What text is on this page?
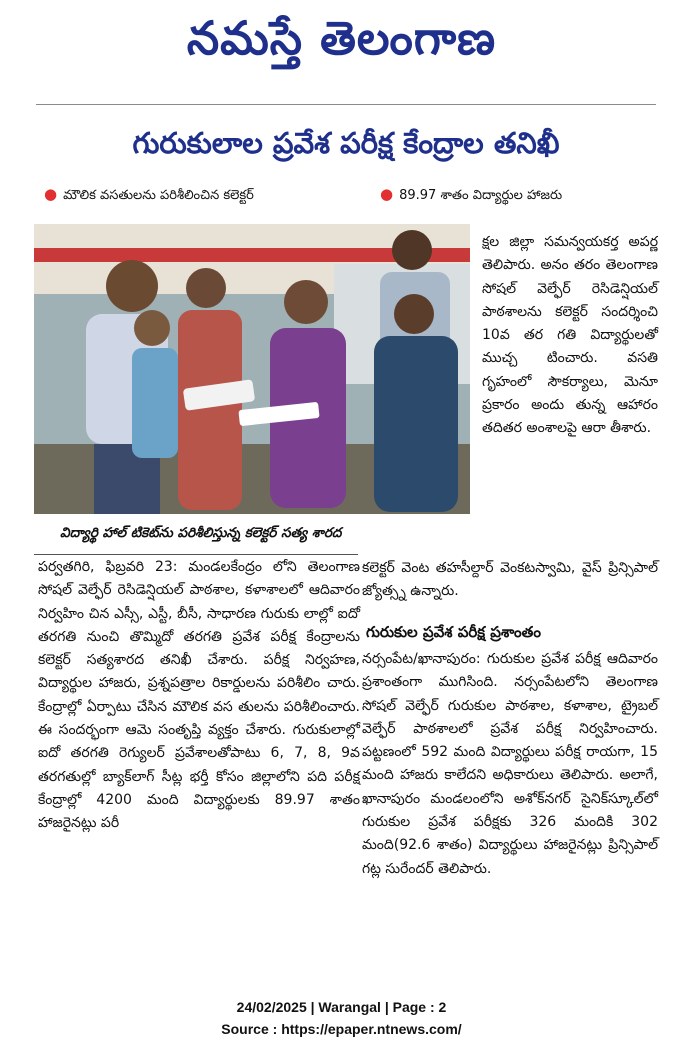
నమస్తే తెలంగాణ
గురుకులాల ప్రవేశ పరీక్ష కేంద్రాల తనిఖీ
● మౌలిక వసతులను పరిశీలించిన కలెక్టర్	● 89.97 శాతం విద్యార్థుల హాజరు
విద్యార్థి హాల్ టికెట్‌ను పరిశీలిస్తున్న కలెక్టర్ సత్య శారద

క్షల జిల్లా సమన్వయకర్త అపర్ణ తెలిపారు. అనం తరం తెలంగాణ సోషల్ వెల్ఫేర్ రెసిడెన్షియల్ పాఠశాలను కలెక్టర్ సందర్శించి 10వ తర గతి విద్యార్థులతో ముచ్చ టించారు. వసతి గృహంలో సౌకర్యాలు, మెనూ ప్రకారం అందు తున్న ఆహారం తదితర అంశాలపై ఆరా తీశారు.

పర్వతగిరి, ఫిబ్రవరి 23: మండలకేంద్రం లోని తెలంగాణ సోషల్ వెల్ఫేర్ రెసిడెన్షియల్ పాఠశాల, కళాశాలలో ఆదివారం నిర్వహిం చిన ఎస్సీ, ఎస్టీ, బీసీ, సాధారణ గురుకు లాల్లో ఐదో తరగతి నుంచి తొమ్మిదో తరగతి ప్రవేశ పరీక్ష కేంద్రాలను కలెక్టర్ సత్యశారద తనిఖీ చేశారు. పరీక్ష నిర్వహణ, విద్యార్థుల హాజరు, ప్రశ్నపత్రాల రికార్డులను పరిశీలిం చారు. కేంద్రాల్లో ఏర్పాటు చేసిన మౌలిక వస తులను పరిశీలించారు. ఈ సందర్భంగా ఆమె సంతృప్తి వ్యక్తం చేశారు. గురుకులాల్లో ఐదో తరగతి రెగ్యులర్ ప్రవేశాలతోపాటు 6, 7, 8, 9వ తరగతుల్లో బ్యాక్‌లాగ్ సీట్ల భర్తీ కోసం జిల్లాలోని పది పరీక్ష కేంద్రాల్లో 4200 మంది విద్యార్థులకు 89.97 శాతం హాజరైనట్లు పరీ

కలెక్టర్ వెంట తహసీల్దార్ వెంకటస్వామి, వైస్ ప్రిన్సిపాల్ జ్యోత్స్న ఉన్నారు.

గురుకుల ప్రవేశ పరీక్ష ప్రశాంతం

నర్సంపేట/ఖానాపురం: గురుకుల ప్రవేశ పరీక్ష ఆదివారం ప్రశాంతంగా ముగిసింది. నర్సంపేటలోని తెలంగాణ సోషల్ వెల్ఫేర్ గురుకుల పాఠశాల, కళాశాల, ట్రైబల్ వెల్ఫేర్ పాఠశాలలో ప్రవేశ పరీక్ష నిర్వహించారు. పట్టణంలో 592 మంది విద్యార్థులు పరీక్ష రాయగా, 15 మంది హాజరు కాలేదని అధికారులు తెలిపారు. అలాగే, ఖానాపురం మండలంలోని అశోక్‌నగర్ సైనిక్‌స్కూల్‌లో గురుకుల ప్రవేశ పరీక్షకు 326 మందికి 302 మంది(92.6 శాతం) విద్యార్థులు హాజరైనట్లు ప్రిన్సిపాల్ గట్ల సురేందర్ తెలిపారు.

24/02/2025 | Warangal | Page : 2
Source : https://epaper.ntnews.com/
